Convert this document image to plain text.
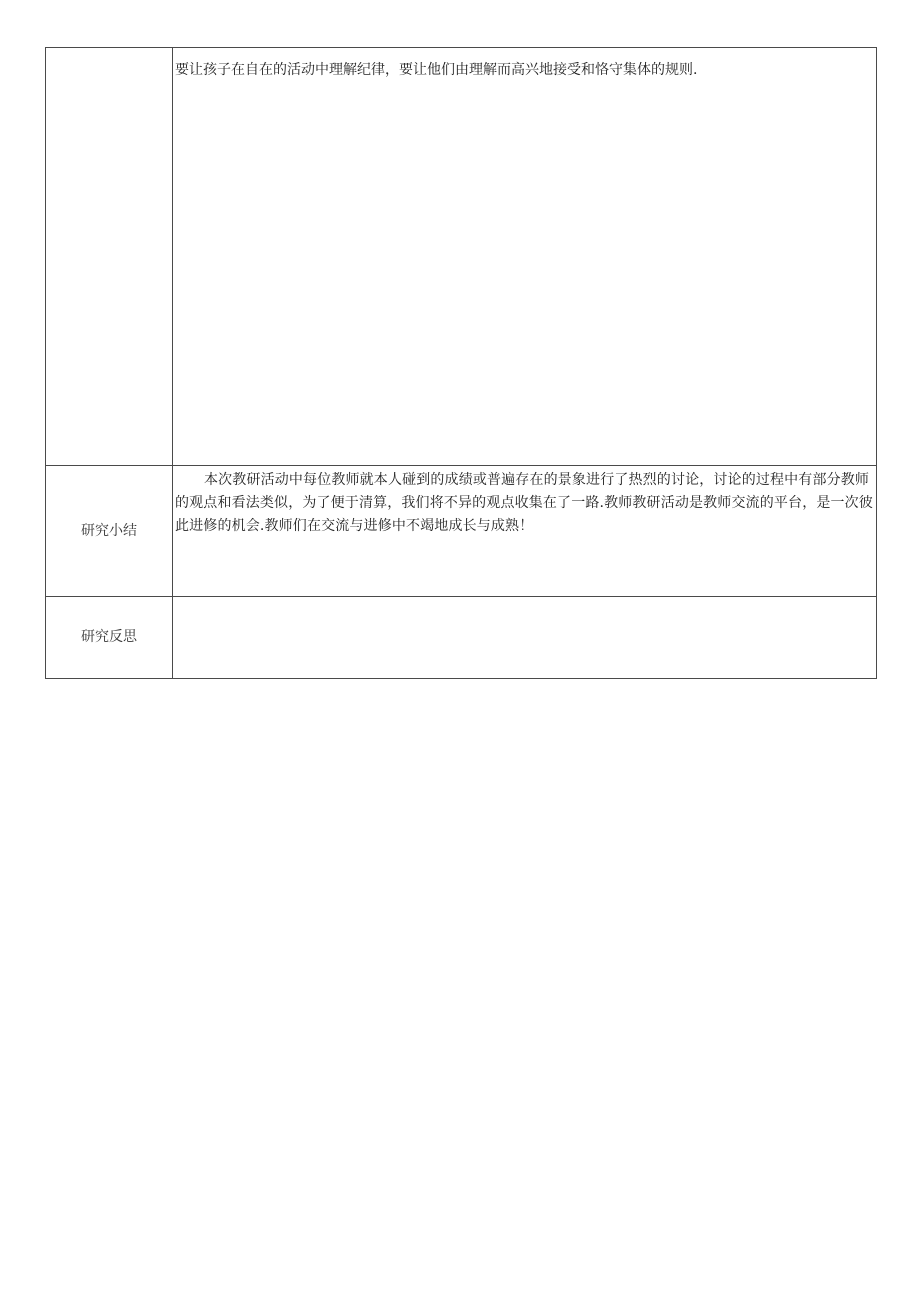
	要让孩子在自在的活动中理解纪律，要让他们由理解而高兴地接受和恪守集体的规则.

研究小结	本次教研活动中每位教师就本人碰到的成绩或普遍存在的景象进行了热烈的讨论，讨论的过程中有部分教师的观点和看法类似，为了便于清算，我们将不异的观点收集在了一路.教师教研活动是教师交流的平台，是一次彼此进修的机会.教师们在交流与进修中不竭地成长与成熟！

研究反思	
